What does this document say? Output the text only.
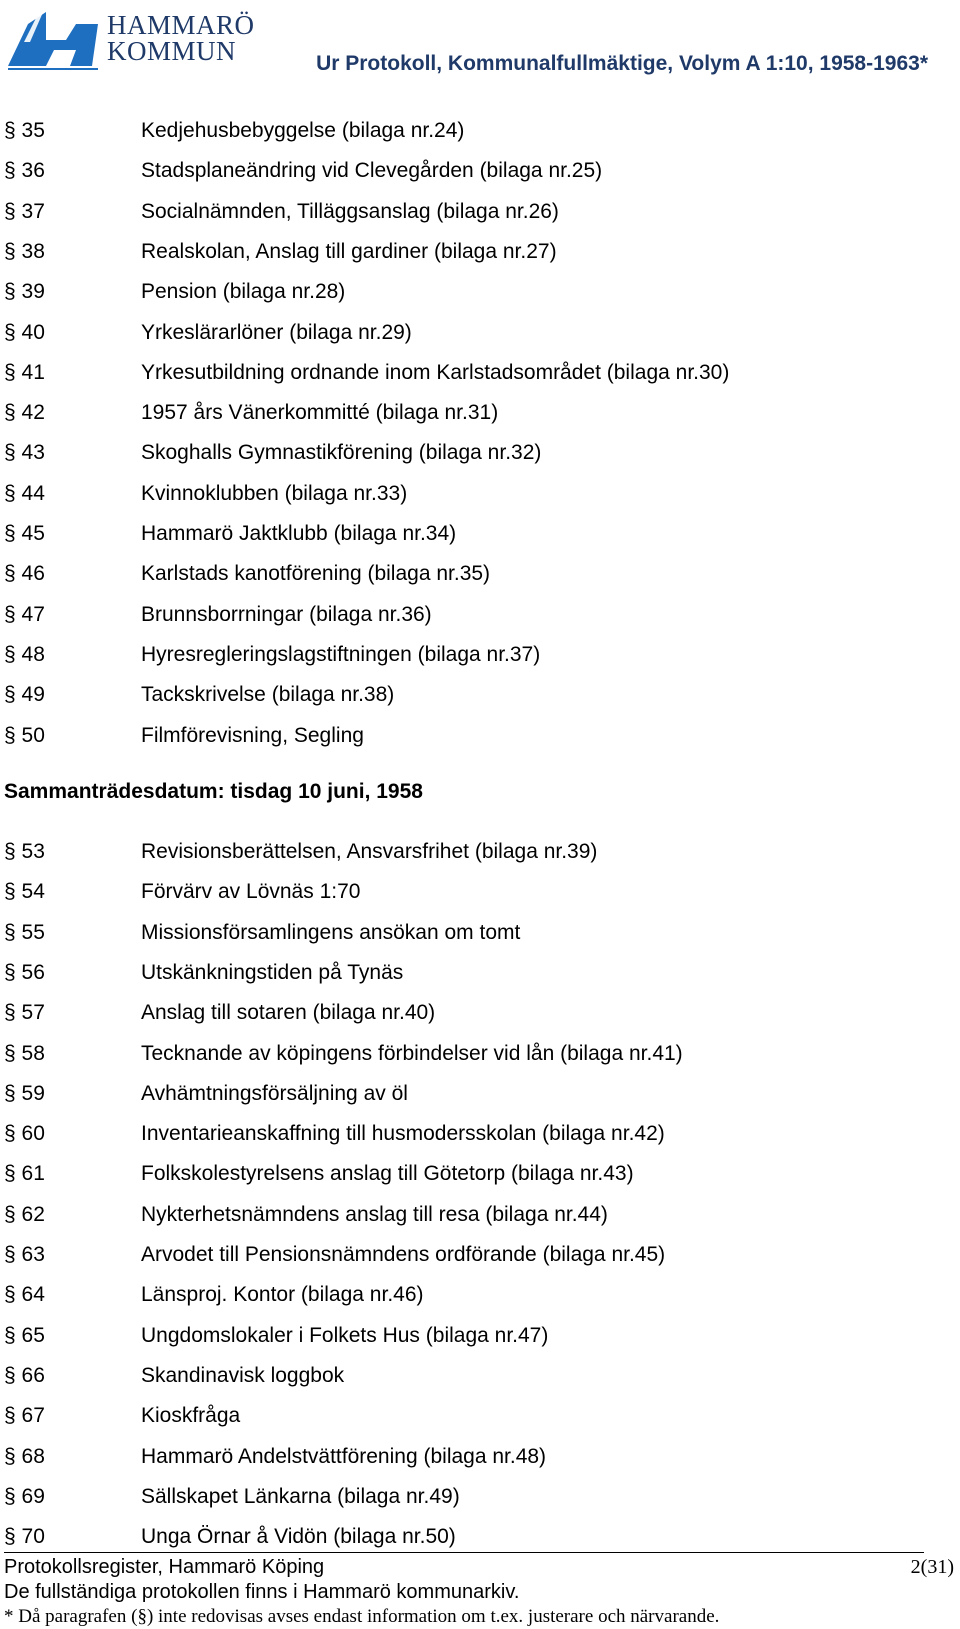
HAMMARÖ
KOMMUN	Ur Protokoll, Kommunalfullmäktige, Volym A 1:10, 1958-1963*
§ 35	Kedjehusbebyggelse (bilaga nr.24)
§ 36	Stadsplaneändring vid Clevegården (bilaga nr.25)
§ 37	Socialnämnden, Tilläggsanslag (bilaga nr.26)
§ 38	Realskolan, Anslag till gardiner (bilaga nr.27)
§ 39	Pension (bilaga nr.28)
§ 40	Yrkeslärarlöner (bilaga nr.29)
§ 41	Yrkesutbildning ordnande inom Karlstadsområdet (bilaga nr.30)
§ 42	1957 års Vänerkommitté (bilaga nr.31)
§ 43	Skoghalls Gymnastikförening (bilaga nr.32)
§ 44	Kvinnoklubben (bilaga nr.33)
§ 45	Hammarö Jaktklubb (bilaga nr.34)
§ 46	Karlstads kanotförening (bilaga nr.35)
§ 47	Brunnsborrningar (bilaga nr.36)
§ 48	Hyresregleringslagstiftningen (bilaga nr.37)
§ 49	Tackskrivelse (bilaga nr.38)
§ 50	Filmförevisning, Segling
Sammanträdesdatum: tisdag 10 juni, 1958
§ 53	Revisionsberättelsen, Ansvarsfrihet (bilaga nr.39)
§ 54	Förvärv av Lövnäs 1:70
§ 55	Missionsförsamlingens ansökan om tomt
§ 56	Utskänkningstiden på Tynäs
§ 57	Anslag till sotaren (bilaga nr.40)
§ 58	Tecknande av köpingens förbindelser vid lån (bilaga nr.41)
§ 59	Avhämtningsförsäljning av öl
§ 60	Inventarieanskaffning till husmodersskolan (bilaga nr.42)
§ 61	Folkskolestyrelsens anslag till Götetorp (bilaga nr.43)
§ 62	Nykterhetsnämndens anslag till resa (bilaga nr.44)
§ 63	Arvodet till Pensionsnämndens ordförande (bilaga nr.45)
§ 64	Länsproj. Kontor (bilaga nr.46)
§ 65	Ungdomslokaler i Folkets Hus (bilaga nr.47)
§ 66	Skandinavisk loggbok
§ 67	Kioskfråga
§ 68	Hammarö Andelstvättförening (bilaga nr.48)
§ 69	Sällskapet Länkarna (bilaga nr.49)
§ 70	Unga Örnar å Vidön (bilaga nr.50)
Protokollsregister, Hammarö Köping
De fullständiga protokollen finns i Hammarö kommunarkiv.
* Då paragrafen (§) inte redovisas avses endast information om t.ex. justerare och närvarande.
2(31)
